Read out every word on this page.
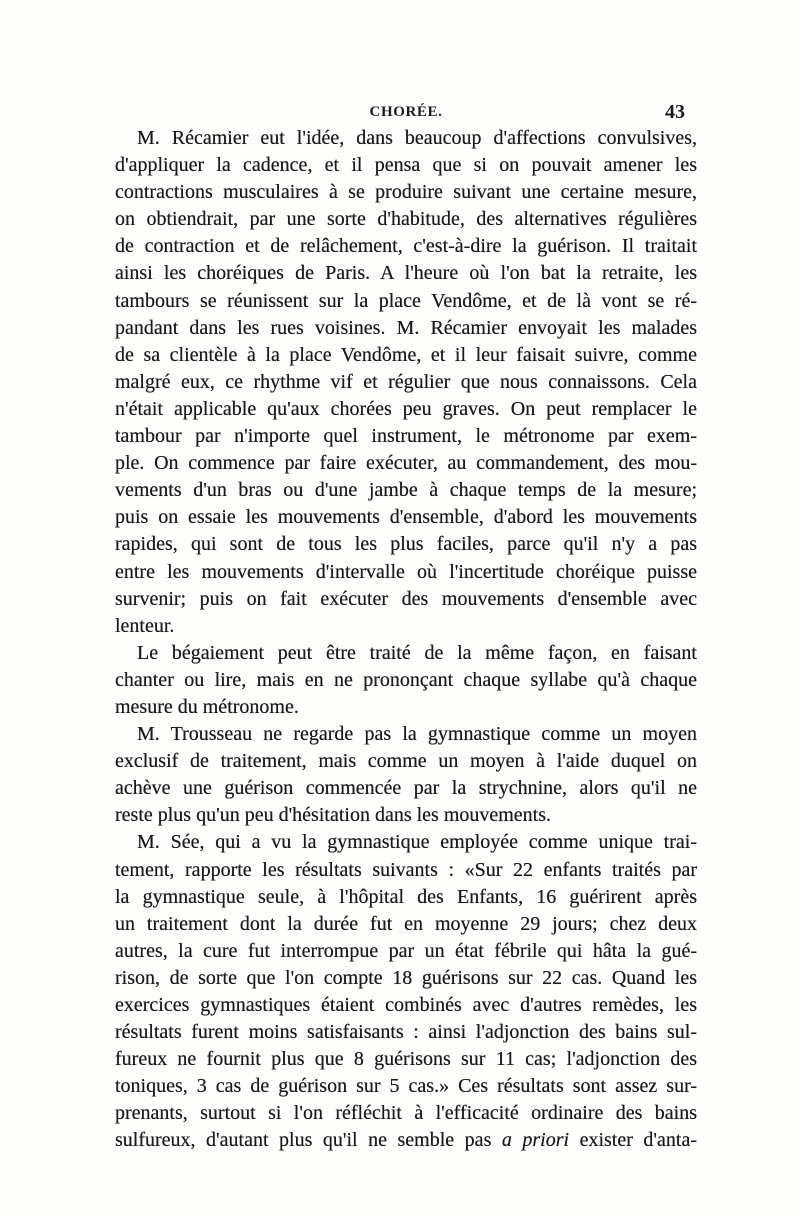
CHORÉE.	43
M. Récamier eut l'idée, dans beaucoup d'affections convulsives,
d'appliquer la cadence, et il pensa que si on pouvait amener les
contractions musculaires à se produire suivant une certaine mesure,
on obtiendrait, par une sorte d'habitude, des alternatives régulières
de contraction et de relâchement, c'est-à-dire la guérison. Il traitait
ainsi les choréiques de Paris. A l'heure où l'on bat la retraite, les
tambours se réunissent sur la place Vendôme, et de là vont se ré-
pandant dans les rues voisines. M. Récamier envoyait les malades
de sa clientèle à la place Vendôme, et il leur faisait suivre, comme
malgré eux, ce rhythme vif et régulier que nous connaissons. Cela
n'était applicable qu'aux chorées peu graves. On peut remplacer le
tambour par n'importe quel instrument, le métronome par exem-
ple. On commence par faire exécuter, au commandement, des mou-
vements d'un bras ou d'une jambe à chaque temps de la mesure;
puis on essaie les mouvements d'ensemble, d'abord les mouvements
rapides, qui sont de tous les plus faciles, parce qu'il n'y a pas
entre les mouvements d'intervalle où l'incertitude choréique puisse
survenir; puis on fait exécuter des mouvements d'ensemble avec
lenteur.
Le bégaiement peut être traité de la même façon, en faisant
chanter ou lire, mais en ne prononçant chaque syllabe qu'à chaque
mesure du métronome.
M. Trousseau ne regarde pas la gymnastique comme un moyen
exclusif de traitement, mais comme un moyen à l'aide duquel on
achève une guérison commencée par la strychnine, alors qu'il ne
reste plus qu'un peu d'hésitation dans les mouvements.
M. Sée, qui a vu la gymnastique employée comme unique trai-
tement, rapporte les résultats suivants : «Sur 22 enfants traités par
la gymnastique seule, à l'hôpital des Enfants, 16 guérirent après
un traitement dont la durée fut en moyenne 29 jours; chez deux
autres, la cure fut interrompue par un état fébrile qui hâta la gué-
rison, de sorte que l'on compte 18 guérisons sur 22 cas. Quand les
exercices gymnastiques étaient combinés avec d'autres remèdes, les
résultats furent moins satisfaisants : ainsi l'adjonction des bains sul-
fureux ne fournit plus que 8 guérisons sur 11 cas; l'adjonction des
toniques, 3 cas de guérison sur 5 cas.» Ces résultats sont assez sur-
prenants, surtout si l'on réfléchit à l'efficacité ordinaire des bains
sulfureux, d'autant plus qu'il ne semble pas a priori exister d'anta-
